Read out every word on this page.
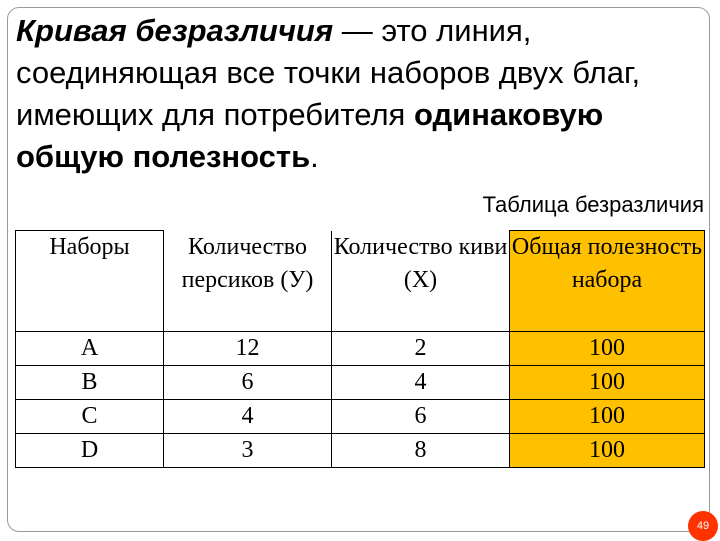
Кривая безразличия — это линия, соединяющая все точки наборов двух благ, имеющих для потребителя одинаковую общую полезность.
Таблица безразличия
Наборы	Количество персиков (У)	Количество киви (Х)	Общая полезность набора
A	12	2	100
B	6	4	100
C	4	6	100
D	3	8	100
49
